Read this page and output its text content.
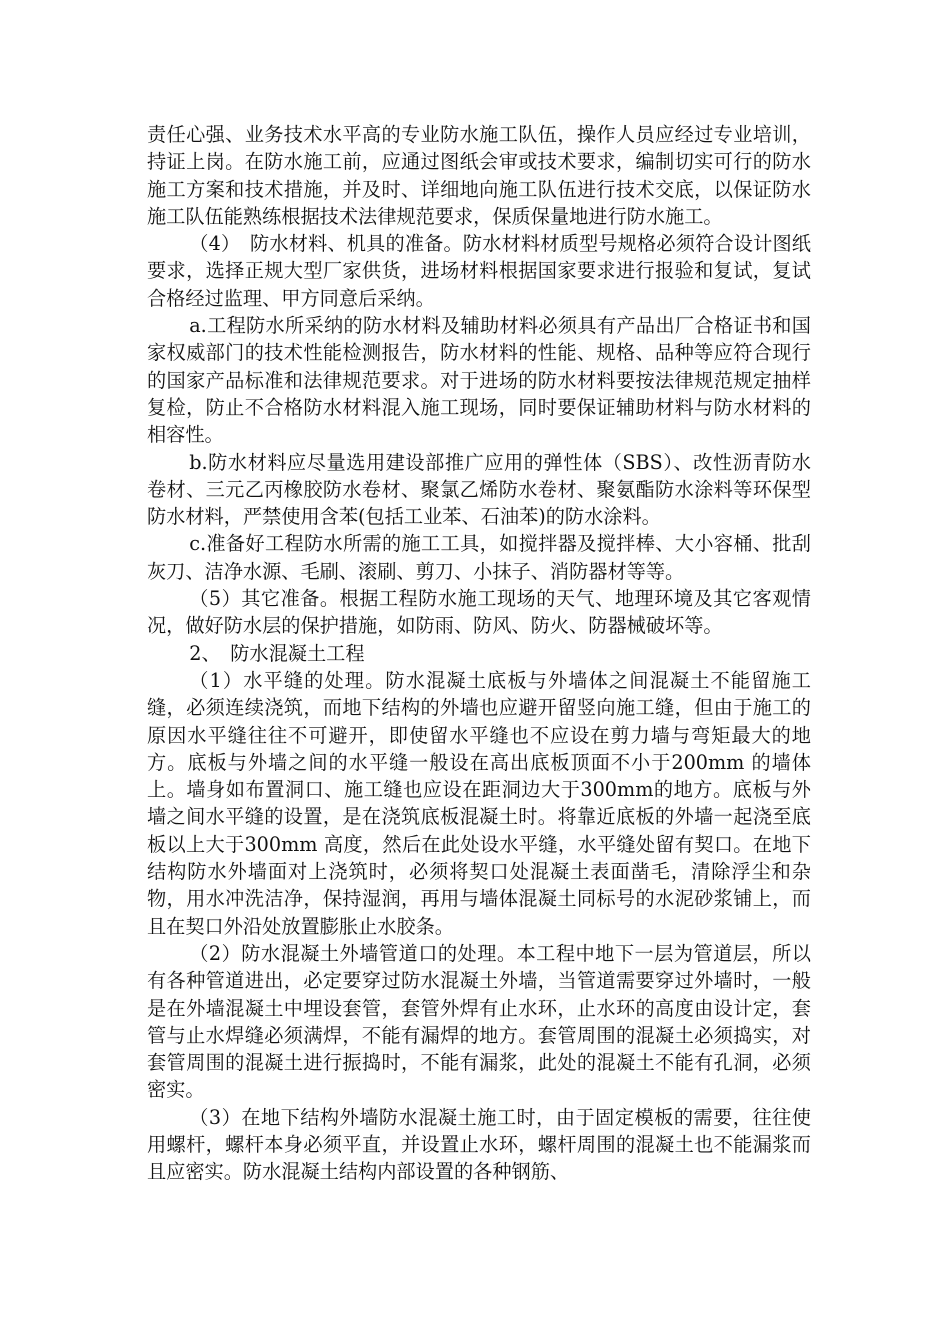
责任心强、业务技术水平高的专业防水施工队伍，操作人员应经过专业培训，持证上岗。在防水施工前，应通过图纸会审或技术要求，编制切实可行的防水施工方案和技术措施，并及时、详细地向施工队伍进行技术交底，以保证防水施工队伍能熟练根据技术法律规范要求，保质保量地进行防水施工。

（4）　防水材料、机具的准备。防水材料材质型号规格必须符合设计图纸要求，选择正规大型厂家供货，进场材料根据国家要求进行报验和复试，复试合格经过监理、甲方同意后采纳。

a.工程防水所采纳的防水材料及辅助材料必须具有产品出厂合格证书和国家权威部门的技术性能检测报告，防水材料的性能、规格、品种等应符合现行的国家产品标准和法律规范要求。对于进场的防水材料要按法律规范规定抽样复检，防止不合格防水材料混入施工现场，同时要保证辅助材料与防水材料的相容性。

b.防水材料应尽量选用建设部推广应用的弹性体（SBS）、改性沥青防水卷材、三元乙丙橡胶防水卷材、聚氯乙烯防水卷材、聚氨酯防水涂料等环保型防水材料，严禁使用含苯(包括工业苯、石油苯)的防水涂料。

c.准备好工程防水所需的施工工具，如搅拌器及搅拌棒、大小容桶、批刮灰刀、洁净水源、毛刷、滚刷、剪刀、小抹子、消防器材等等。

（5）其它准备。根据工程防水施工现场的天气、地理环境及其它客观情况，做好防水层的保护措施，如防雨、防风、防火、防器械破坏等。

2、　防水混凝土工程

（1）水平缝的处理。防水混凝土底板与外墙体之间混凝土不能留施工缝，必须连续浇筑，而地下结构的外墙也应避开留竖向施工缝，但由于施工的原因水平缝往往不可避开，即使留水平缝也不应设在剪力墙与弯矩最大的地方。底板与外墙之间的水平缝一般设在高出底板顶面不小于200mm 的墙体上。墙身如布置洞口、施工缝也应设在距洞边大于300mm的地方。底板与外墙之间水平缝的设置，是在浇筑底板混凝土时。将靠近底板的外墙一起浇至底板以上大于300mm 高度，然后在此处设水平缝，水平缝处留有契口。在地下结构防水外墙面对上浇筑时，必须将契口处混凝土表面凿毛，清除浮尘和杂物，用水冲洗洁净，保持湿润，再用与墙体混凝土同标号的水泥砂浆铺上，而且在契口外沿处放置膨胀止水胶条。

（2）防水混凝土外墙管道口的处理。本工程中地下一层为管道层，所以有各种管道进出，必定要穿过防水混凝土外墙，当管道需要穿过外墙时，一般是在外墙混凝土中埋设套管，套管外焊有止水环，止水环的高度由设计定，套管与止水焊缝必须满焊，不能有漏焊的地方。套管周围的混凝土必须捣实，对套管周围的混凝土进行振捣时，不能有漏浆，此处的混凝土不能有孔洞，必须密实。

（3）在地下结构外墙防水混凝土施工时，由于固定模板的需要，往往使用螺杆，螺杆本身必须平直，并设置止水环，螺杆周围的混凝土也不能漏浆而且应密实。防水混凝土结构内部设置的各种钢筋、
